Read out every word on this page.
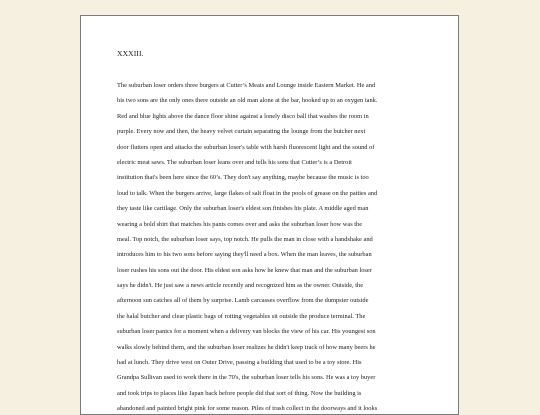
XXXIII.
The suburban loser orders three burgers at Cutter’s Meats and Lounge inside Eastern Market. He and
his two sons are the only ones there outside an old man alone at the bar, hooked up to an oxygen tank.
Red and blue lights above the dance floor shine against a lonely disco ball that washes the room in
purple. Every now and then, the heavy velvet curtain separating the lounge from the butcher next
door flutters open and attacks the suburban loser's table with harsh fluorescent light and the sound of
electric meat saws. The suburban loser leans over and tells his sons that Cutter’s is a Detroit
institution that's been here since the 60’s. They don't say anything, maybe because the music is too
loud to talk. When the burgers arrive, large flakes of salt float in the pools of grease on the patties and
they taste like cartilage. Only the suburban loser's eldest son finishes his plate. A middle aged man
wearing a bold shirt that matches his pants comes over and asks the suburban loser how was the
meal. Top notch, the suburban loser says, top notch. He pulls the man in close with a handshake and
introduces him to his two sons before saying they'll need a box. When the man leaves, the suburban
loser rushes his sons out the door. His eldest son asks how he knew that man and the suburban loser
says he didn't. He just saw a news article recently and recognized him as the owner. Outside, the
afternoon sun catches all of them by surprise. Lamb carcasses overflow from the dumpster outside
the halal butcher and clear plastic bags of rotting vegetables sit outside the produce terminal. The
suburban loser panics for a moment when a delivery van blocks the view of his car. His youngest son
walks slowly behind them, and the suburban loser realizes he didn't keep track of how many beers he
had at lunch. They drive west on Outer Drive, passing a building that used to be a toy store. His
Grandpa Sullivan used to work there in the 70's, the suburban loser tells his sons. He was a toy buyer
and took trips to places like Japan back before people did that sort of thing. Now the building is
abandoned and painted bright pink for some reason. Piles of trash collect in the doorways and it looks
